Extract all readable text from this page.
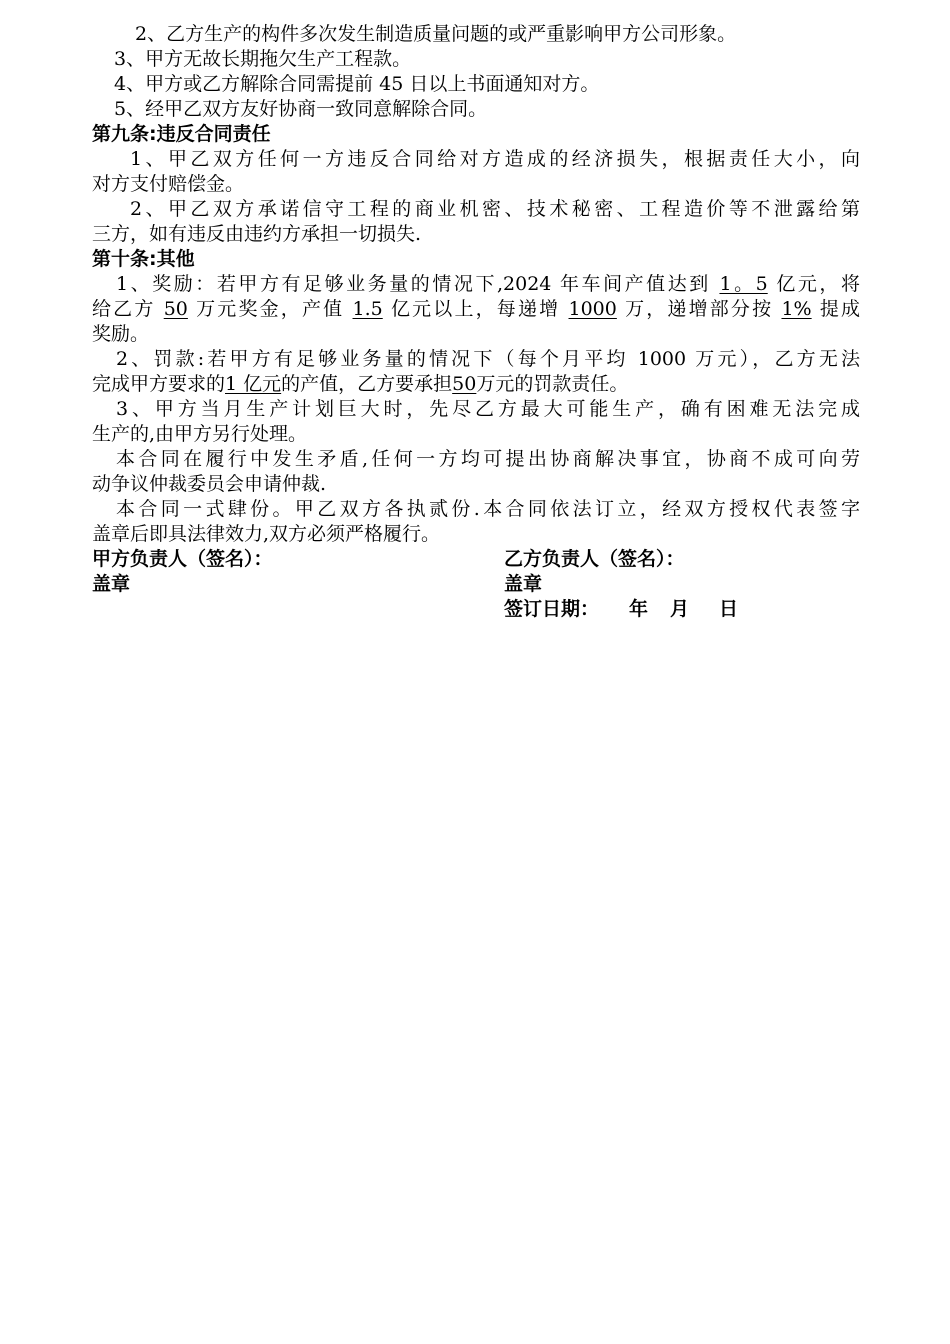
2、乙方生产的构件多次发生制造质量问题的或严重影响甲方公司形象。
3、甲方无故长期拖欠生产工程款。
4、甲方或乙方解除合同需提前 45 日以上书面通知对方。
5、经甲乙双方友好协商一致同意解除合同。
第九条:违反合同责任
1、甲乙双方任何一方违反合同给对方造成的经济损失，根据责任大小，向
对方支付赔偿金。
2、甲乙双方承诺信守工程的商业机密、技术秘密、工程造价等不泄露给第
三方，如有违反由违约方承担一切损失.
第十条:其他
1、奖励：若甲方有足够业务量的情况下,2024 年车间产值达到 1。5 亿元，将
给乙方 50 万元奖金，产值 1.5 亿元以上，每递增 1000 万，递增部分按 1% 提成
奖励。
2、罚款:若甲方有足够业务量的情况下（每个月平均 1000 万元），乙方无法
完成甲方要求的1 亿元的产值，乙方要承担50万元的罚款责任。
3、甲方当月生产计划巨大时，先尽乙方最大可能生产，确有困难无法完成
生产的,由甲方另行处理。
本合同在履行中发生矛盾,任何一方均可提出协商解决事宜，协商不成可向劳
动争议仲裁委员会申请仲裁.
本合同一式肆份。甲乙双方各执贰份.本合同依法订立，经双方授权代表签字
盖章后即具法律效力,双方必须严格履行。
甲方负责人（签名）：	乙方负责人（签名）：
盖章	盖章
签订日期： 年 月 日
